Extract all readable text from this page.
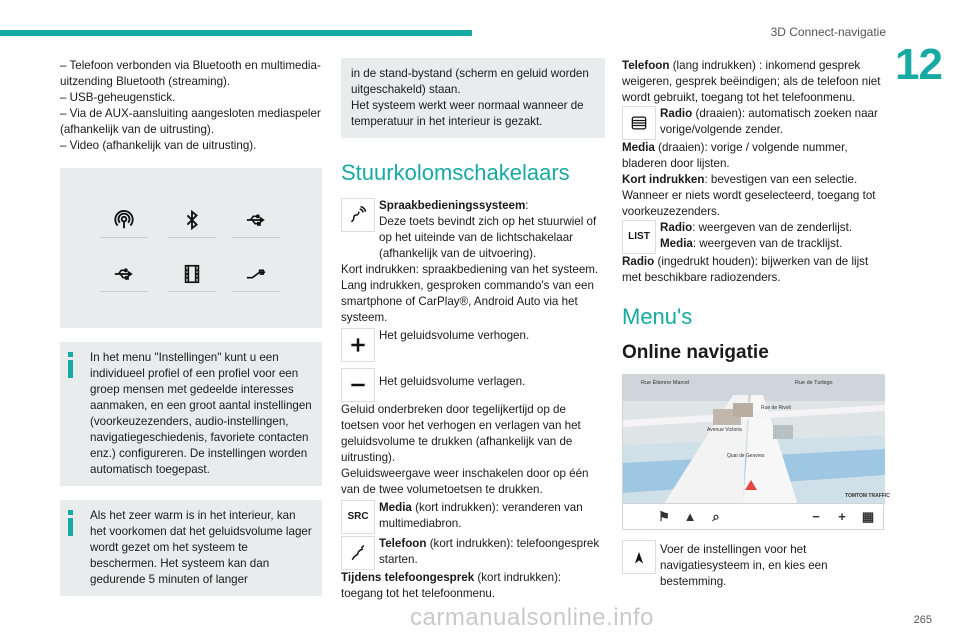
3D Connect-navigatie
12

– Telefoon verbonden via Bluetooth en multimedia-uitzending Bluetooth (streaming).

– USB-geheugenstick.

– Via de AUX-aansluiting aangesloten mediaspeler (afhankelijk van de uitrusting).

– Video (afhankelijk van de uitrusting).

In het menu "Instellingen" kunt u een individueel profiel of een profiel voor een groep mensen met gedeelde interesses aanmaken, en een groot aantal instellingen (voorkeuzezenders, audio-instellingen, navigatiegeschiedenis, favoriete contacten enz.) configureren. De instellingen worden automatisch toegepast.
Als het zeer warm is in het interieur, kan het voorkomen dat het geluidsvolume lager wordt gezet om het systeem te beschermen. Het systeem kan dan gedurende 5 minuten of langer

in de stand-bystand (scherm en geluid worden uitgeschakeld) staan.

Het systeem werkt weer normaal wanneer de temperatuur in het interieur is gezakt.

Stuurkolomschakelaars

Spraakbedieningssysteem:

Deze toets bevindt zich op het stuurwiel of op het uiteinde van de lichtschakelaar (afhankelijk van de uitvoering).

Kort indrukken: spraakbediening van het systeem.

Lang indrukken, gesproken commando's van een smartphone of CarPlay®, Android Auto via het systeem.

Het geluidsvolume verhogen.

Het geluidsvolume verlagen.

Geluid onderbreken door tegelijkertijd op de toetsen voor het verhogen en verlagen van het geluidsvolume te drukken (afhankelijk van de uitrusting).

Geluidsweergave weer inschakelen door op één van de twee volumetoetsen te drukken.

SRC

Media (kort indrukken): veranderen van multimediabron.

Telefoon (kort indrukken): telefoongesprek starten.

Tijdens telefoongesprek (kort indrukken): toegang tot het telefoonmenu.

Telefoon (lang indrukken) : inkomend gesprek weigeren, gesprek beëindigen; als de telefoon niet wordt gebruikt, toegang tot het telefoonmenu.

Radio (draaien): automatisch zoeken naar vorige/volgende zender.

Media (draaien): vorige / volgende nummer, bladeren door lijsten.

Kort indrukken: bevestigen van een selectie.

Wanneer er niets wordt geselecteerd, toegang tot voorkeuzezenders.

LIST

Radio: weergeven van de zenderlijst.

Media: weergeven van de tracklijst.

Radio (ingedrukt houden): bijwerken van de lijst met beschikbare radiozenders.

Menu's
Online navigatie
Rue Étienne Marcel	Rue de Turbigo
Rue de Rivoli
Quai de Gesvres
Avenue Victoria
TOMTOM TRAFFIC
⚑ ▲	⌕	−	+	▦

Voer de instellingen voor het navigatiesysteem in, en kies een bestemming.

carmanualsonline.info	265
